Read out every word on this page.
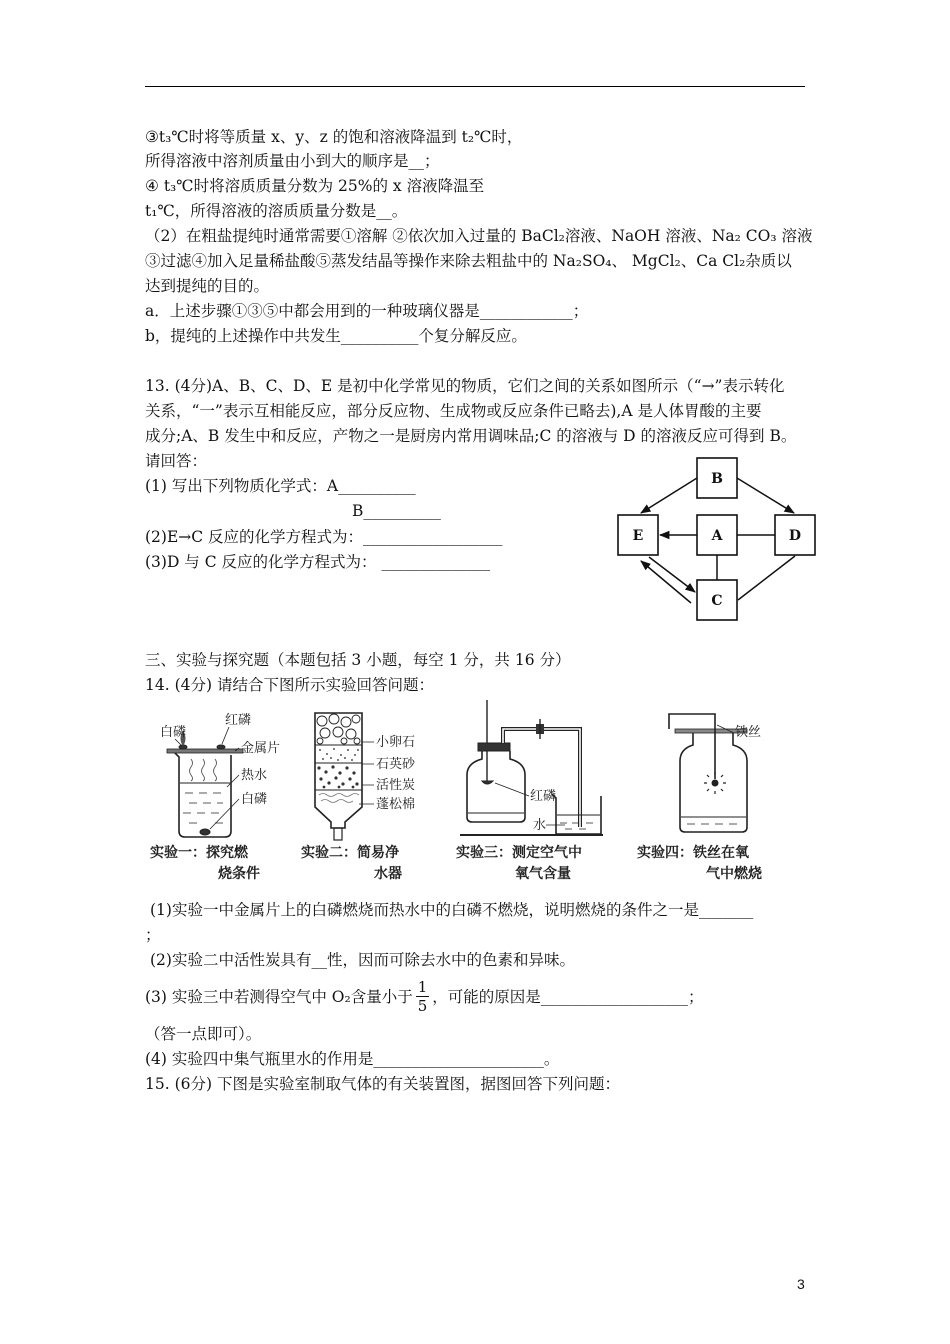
③t₃℃时将等质量 x、y、z 的饱和溶液降温到 t₂℃时，
所得溶液中溶剂质量由小到大的顺序是__；
④ t₃℃时将溶质质量分数为 25%的 x 溶液降温至
t₁℃，所得溶液的溶质质量分数是__。
（2）在粗盐提纯时通常需要①溶解 ②依次加入过量的 BaCl₂溶液、NaOH 溶液、Na₂ CO₃ 溶液
③过滤④加入足量稀盐酸⑤蒸发结晶等操作来除去粗盐中的 Na₂SO₄、 MgCl₂、Ca Cl₂杂质以
达到提纯的目的。
a．上述步骤①③⑤中都会用到的一种玻璃仪器是____________；
b，提纯的上述操作中共发生__________个复分解反应。
13. (4分)A、B、C、D、E 是初中化学常见的物质，它们之间的关系如图所示（“→”表示转化
关系，“一”表示互相能反应，部分反应物、生成物或反应条件已略去),A 是人体胃酸的主要
成分;A、B 发生中和反应，产物之一是厨房内常用调味品;C 的溶液与 D 的溶液反应可得到 B。
请回答：
(1) 写出下列物质化学式：A__________
B__________
(2)E→C 反应的化学方程式为：__________________
(3)D 与 C 反应的化学方程式为： ______________
B
E	A	D
C
三、实验与探究题（本题包括 3 小题，每空 1 分，共 16 分）
14. (4分) 请结合下图所示实验回答问题：
白磷
红磷
金属片
热水
白磷
实验一：探究燃
烧条件
小卵石
石英砂
活性炭
蓬松棉
实验二：简易净
水器
红磷
水
实验三：测定空气中
氧气含量
铁丝
实验四：铁丝在氧
气中燃烧
(1)实验一中金属片上的白磷燃烧而热水中的白磷不燃烧，说明燃烧的条件之一是_______
；
(2)实验二中活性炭具有__性，因而可除去水中的色素和异味。
(3) 实验三中若测得空气中 O₂含量小于 $\frac{1}{5}$ ，可能的原因是___________________；
（答一点即可）。
(4) 实验四中集气瓶里水的作用是______________________。
15. (6分) 下图是实验室制取气体的有关装置图，据图回答下列问题：
3
